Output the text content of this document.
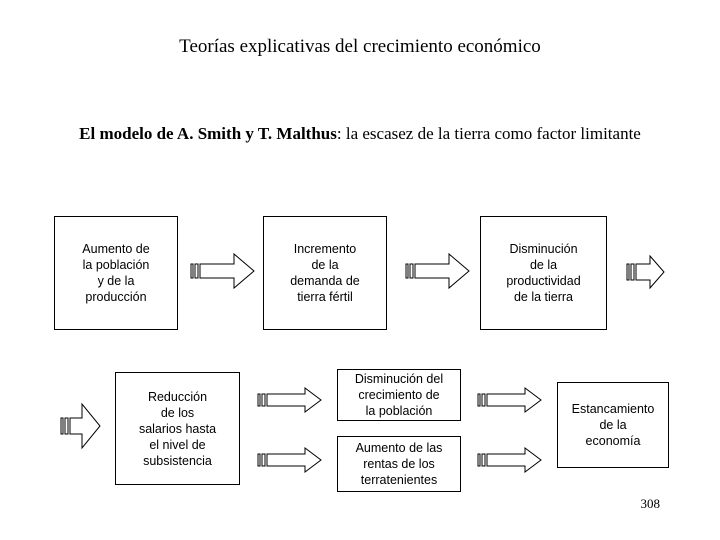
Teorías explicativas del crecimiento económico
El modelo de A. Smith y T. Malthus: la escasez de la tierra como factor limitante
Aumento de
la población
y de la
producción
Incremento
de la
demanda de
tierra fértil
Disminución
de la
productividad
de la tierra
Reducción
de los
salarios hasta
el nivel de
subsistencia
Disminución del
crecimiento de
la población
Aumento de las
rentas de los
terratenientes
Estancamiento
de la
economía
308
